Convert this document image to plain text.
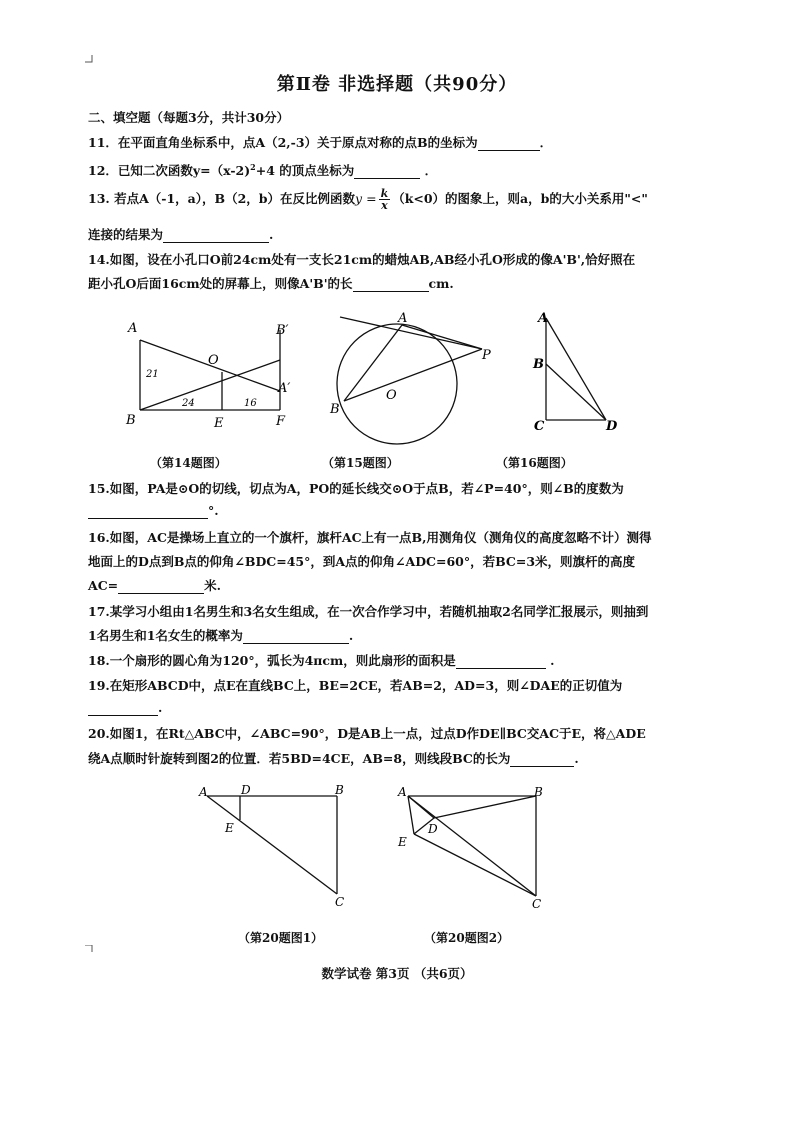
第Ⅱ卷 非选择题（共90分）
二、填空题（每题3分，共计30分）
11．在平面直角坐标系中，点A（2,-3）关于原点对称的点B的坐标为	．
12．已知二次函数y=（x-2)$^2$+4 的顶点坐标为	．
13. 若点A（-1，a），B（2，b）在反比例函数$y = \frac{k}{x} (k<0)$的图象上，则a，b的大小关系用"<"
连接的结果为	.
14.如图，设在小孔口O前24cm处有一支长21cm的蜡烛AB,AB经小孔O形成的像A'B',恰好照在
距小孔O后面16cm处的屏幕上，则像A'B'的长	cm.
A
B
O
E	F
B′
A′
21
24	16
A
P
O
B
A
B
C	D
（第14题图）	（第15题图）	（第16题图）
15.如图，PA是⊙O的切线，切点为A，PO的延长线交⊙O于点B，若∠P=40°，则∠B的度数为
°.
16.如图，AC是操场上直立的一个旗杆，旗杆AC上有一点B,用测角仪（测角仪的高度忽略不计）测得
地面上的D点到B点的仰角∠BDC=45°，到A点的仰角∠ADC=60°，若BC=3米，则旗杆的高度
AC=	米.
17.某学习小组由1名男生和3名女生组成，在一次合作学习中，若随机抽取2名同学汇报展示，则抽到
1名男生和1名女生的概率为	.
18.一个扇形的圆心角为120°，弧长为4πcm，则此扇形的面积是	.
19.在矩形ABCD中，点E在直线BC上，BE=2CE，若AB=2，AD=3，则∠DAE的正切值为
.
20.如图1，在Rt△ABC中，∠ABC=90°，D是AB上一点，过点D作DE∥BC交AC于E，将△ADE
绕A点顺时针旋转到图2的位置．若5BD=4CE，AB=8，则线段BC的长为	.
A	D	B
E
C
A	B
D
E
C
（第20题图1）	（第20题图2）
数学试卷 第3页 （共6页）
